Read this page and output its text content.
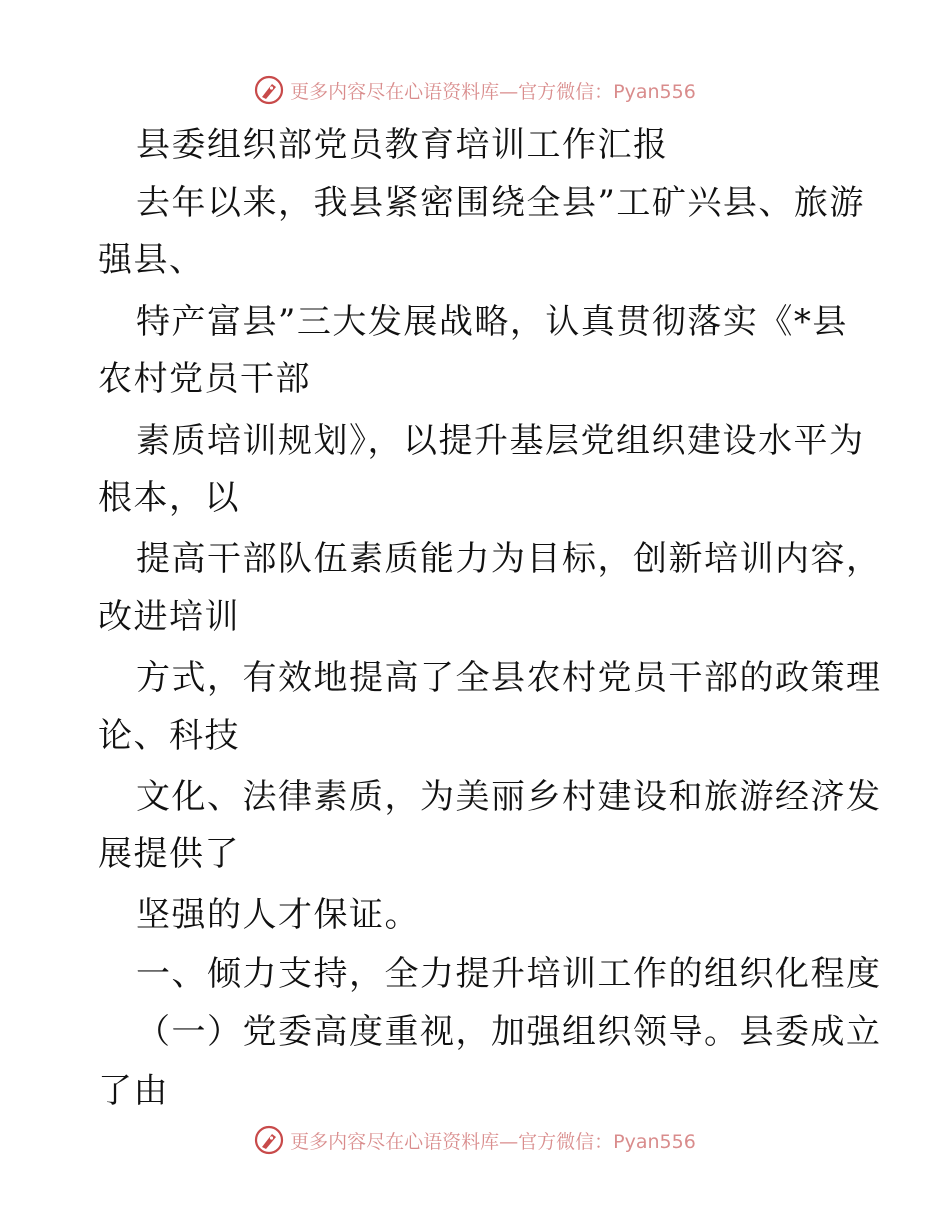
更多内容尽在心语资料库—官方微信：Pyan556
县委组织部党员教育培训工作汇报
去年以来，我县紧密围绕全县”工矿兴县、旅游
强县、
特产富县”三大发展战略，认真贯彻落实《*县
农村党员干部
素质培训规划》，以提升基层党组织建设水平为
根本，以
提高干部队伍素质能力为目标，创新培训内容，
改进培训
方式，有效地提高了全县农村党员干部的政策理
论、科技
文化、法律素质，为美丽乡村建设和旅游经济发
展提供了
坚强的人才保证。
一、倾力支持，全力提升培训工作的组织化程度
（一）党委高度重视，加强组织领导。县委成立
了由
更多内容尽在心语资料库—官方微信：Pyan556
